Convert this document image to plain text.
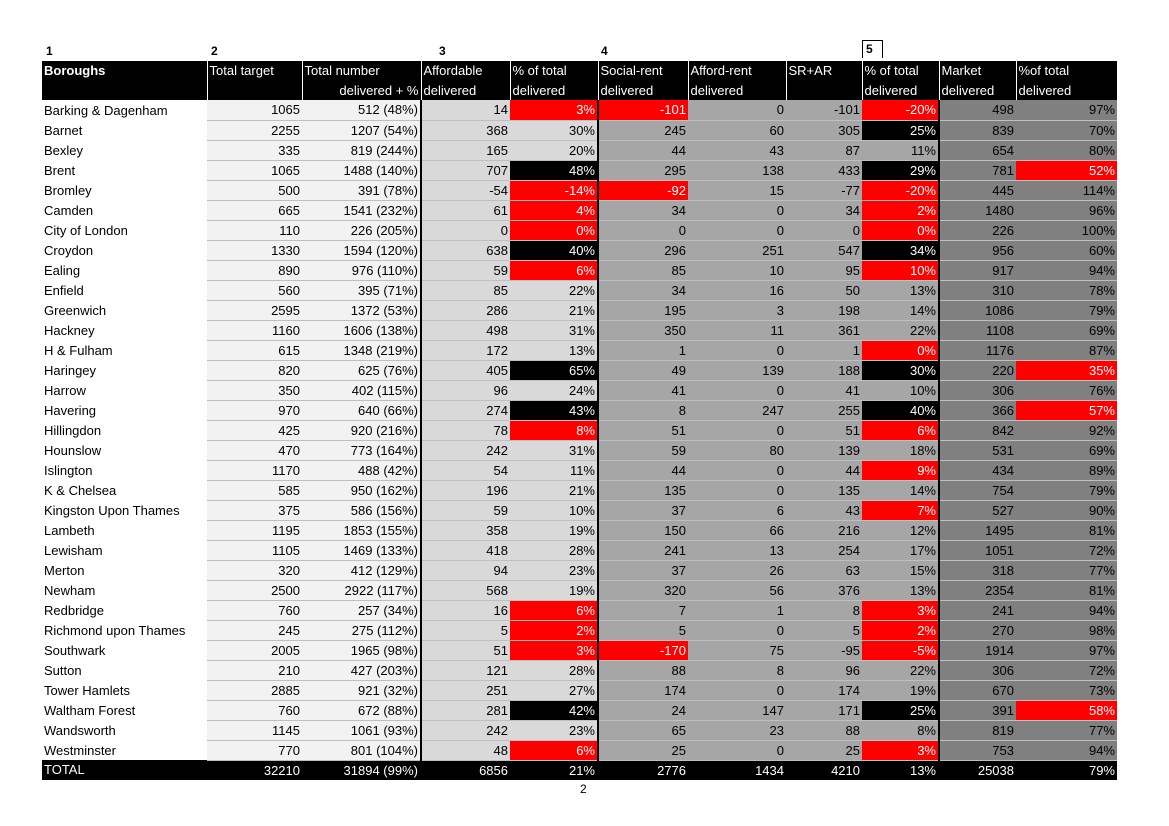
1	2	3	4	5
Boroughs	Total target	Total number	Affordable	% of total	Social-rent	Afford-rent	SR+AR	% of total	Market	%of total
		delivered + %	delivered	delivered	delivered	delivered		delivered	delivered	delivered
Barking & Dagenham	1065	512 (48%)	14	3%	-101	0	-101	-20%	498	97%
Barnet	2255	1207 (54%)	368	30%	245	60	305	25%	839	70%
Bexley	335	819 (244%)	165	20%	44	43	87	11%	654	80%
Brent	1065	1488 (140%)	707	48%	295	138	433	29%	781	52%
Bromley	500	391 (78%)	-54	-14%	-92	15	-77	-20%	445	114%
Camden	665	1541 (232%)	61	4%	34	0	34	2%	1480	96%
City of London	110	226 (205%)	0	0%	0	0	0	0%	226	100%
Croydon	1330	1594 (120%)	638	40%	296	251	547	34%	956	60%
Ealing	890	976 (110%)	59	6%	85	10	95	10%	917	94%
Enfield	560	395 (71%)	85	22%	34	16	50	13%	310	78%
Greenwich	2595	1372 (53%)	286	21%	195	3	198	14%	1086	79%
Hackney	1160	1606 (138%)	498	31%	350	11	361	22%	1108	69%
H & Fulham	615	1348 (219%)	172	13%	1	0	1	0%	1176	87%
Haringey	820	625 (76%)	405	65%	49	139	188	30%	220	35%
Harrow	350	402 (115%)	96	24%	41	0	41	10%	306	76%
Havering	970	640 (66%)	274	43%	8	247	255	40%	366	57%
Hillingdon	425	920 (216%)	78	8%	51	0	51	6%	842	92%
Hounslow	470	773 (164%)	242	31%	59	80	139	18%	531	69%
Islington	1170	488 (42%)	54	11%	44	0	44	9%	434	89%
K & Chelsea	585	950 (162%)	196	21%	135	0	135	14%	754	79%
Kingston Upon Thames	375	586 (156%)	59	10%	37	6	43	7%	527	90%
Lambeth	1195	1853 (155%)	358	19%	150	66	216	12%	1495	81%
Lewisham	1105	1469 (133%)	418	28%	241	13	254	17%	1051	72%
Merton	320	412 (129%)	94	23%	37	26	63	15%	318	77%
Newham	2500	2922 (117%)	568	19%	320	56	376	13%	2354	81%
Redbridge	760	257 (34%)	16	6%	7	1	8	3%	241	94%
Richmond upon Thames	245	275 (112%)	5	2%	5	0	5	2%	270	98%
Southwark	2005	1965 (98%)	51	3%	-170	75	-95	-5%	1914	97%
Sutton	210	427 (203%)	121	28%	88	8	96	22%	306	72%
Tower Hamlets	2885	921 (32%)	251	27%	174	0	174	19%	670	73%
Waltham Forest	760	672 (88%)	281	42%	24	147	171	25%	391	58%
Wandsworth	1145	1061 (93%)	242	23%	65	23	88	8%	819	77%
Westminster	770	801 (104%)	48	6%	25	0	25	3%	753	94%
TOTAL	32210	31894 (99%)	6856	21%	2776	1434	4210	13%	25038	79%
2
